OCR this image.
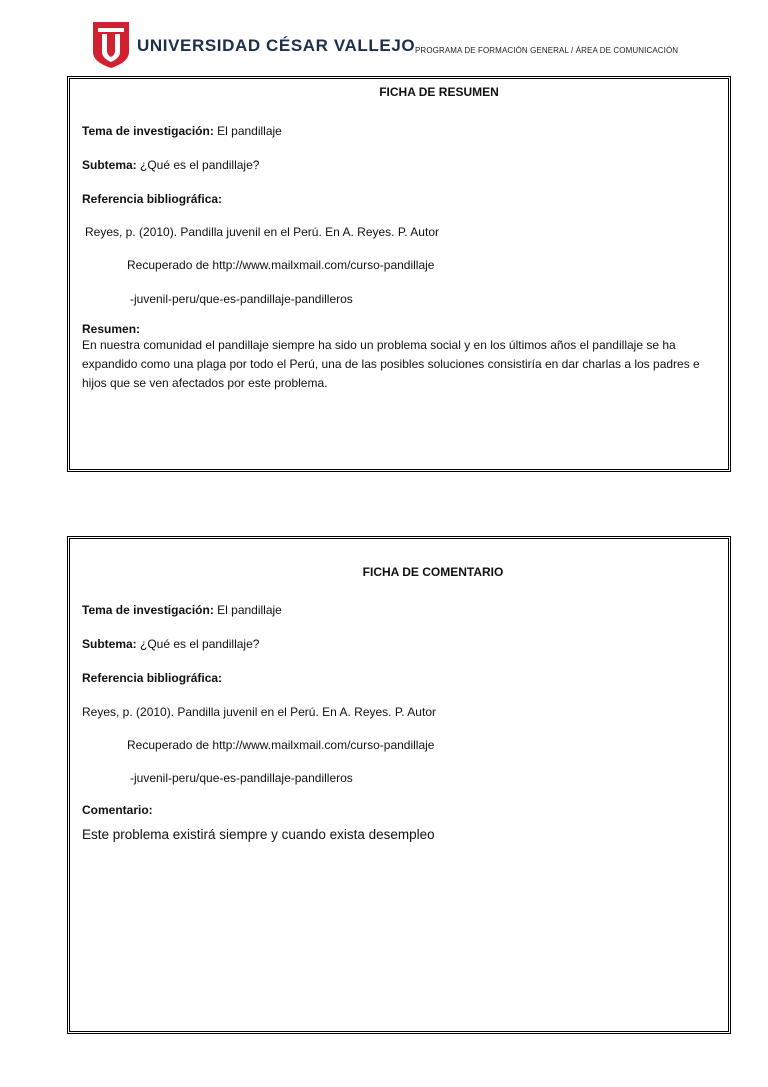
UNIVERSIDAD CÉSAR VALLEJO PROGRAMA DE FORMACIÓN GENERAL / ÁREA DE COMUNICACIÓN
FICHA DE RESUMEN
Tema de investigación: El pandillaje
Subtema: ¿Qué es el pandillaje?
Referencia bibliográfica:
Reyes, p. (2010). Pandilla juvenil en el Perú. En A. Reyes. P. Autor
Recuperado de http://www.mailxmail.com/curso-pandillaje
-juvenil-peru/que-es-pandillaje-pandilleros
Resumen:
En nuestra comunidad el pandillaje siempre ha sido un problema social y en los últimos años el pandillaje se ha expandido como una plaga por todo el Perú, una de las posibles soluciones consistiría en dar charlas a los padres e hijos que se ven afectados por este problema.
FICHA DE COMENTARIO
Tema de investigación: El pandillaje
Subtema: ¿Qué es el pandillaje?
Referencia bibliográfica:
Reyes, p. (2010). Pandilla juvenil en el Perú. En A. Reyes. P. Autor
Recuperado de http://www.mailxmail.com/curso-pandillaje
-juvenil-peru/que-es-pandillaje-pandilleros
Comentario:
Este problema existirá siempre y cuando exista desempleo
